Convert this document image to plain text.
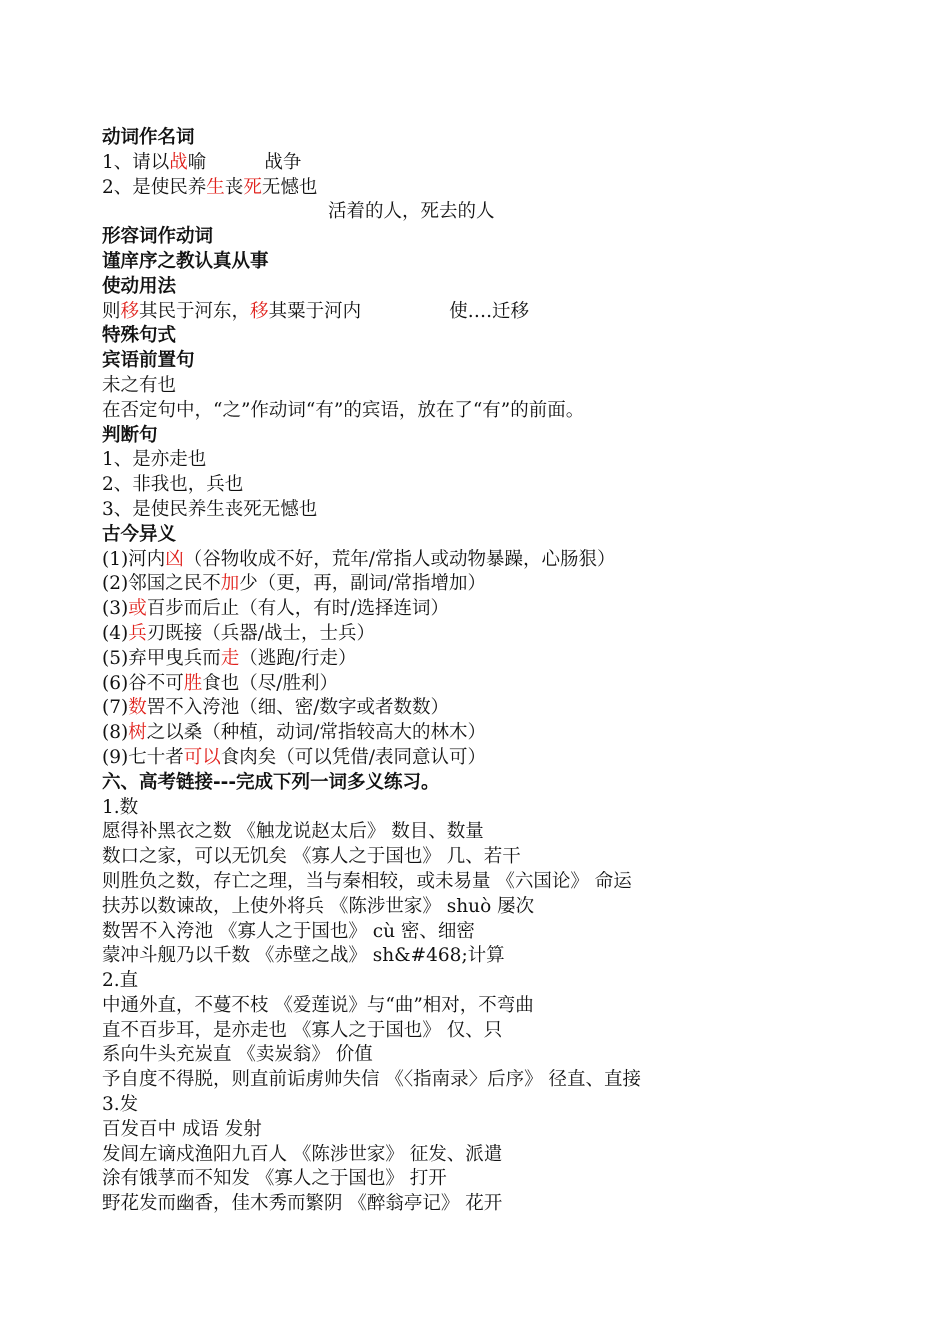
动词作名词
1、请以战喻	战争
2、是使民养生丧死无憾也
活着的人，死去的人
形容词作动词
谨庠序之教认真从事
使动用法
则移其民于河东，移其粟于河内	使….迁移
特殊句式
宾语前置句
未之有也
在否定句中，“之”作动词“有”的宾语，放在了“有”的前面。
判断句
1、是亦走也
2、非我也，兵也
3、是使民养生丧死无憾也
古今异义
(1)河内凶（谷物收成不好，荒年/常指人或动物暴躁，心肠狠）
(2)邻国之民不加少（更，再，副词/常指增加）
(3)或百步而后止（有人，有时/选择连词）
(4)兵刃既接（兵器/战士，士兵）
(5)弃甲曳兵而走（逃跑/行走）
(6)谷不可胜食也（尽/胜利）
(7)数罟不入洿池（细、密/数字或者数数）
(8)树之以桑（种植，动词/常指较高大的林木）
(9)七十者可以食肉矣（可以凭借/表同意认可）
六、高考链接---完成下列一词多义练习。
1.数
愿得补黑衣之数 《触龙说赵太后》 数目、数量
数口之家，可以无饥矣 《寡人之于国也》 几、若干
则胜负之数，存亡之理，当与秦相较，或未易量 《六国论》 命运
扶苏以数谏故，上使外将兵 《陈涉世家》 shuò 屡次
数罟不入洿池 《寡人之于国也》 cù 密、细密
蒙冲斗舰乃以千数 《赤壁之战》 sh&#468;计算
2.直
中通外直，不蔓不枝 《爱莲说》与“曲”相对，不弯曲
直不百步耳，是亦走也 《寡人之于国也》 仅、只
系向牛头充炭直 《卖炭翁》 价值
予自度不得脱，则直前诟虏帅失信 《〈指南录〉后序》 径直、直接
3.发
百发百中 成语 发射
发闾左谪戍渔阳九百人 《陈涉世家》 征发、派遣
涂有饿莩而不知发 《寡人之于国也》 打开
野花发而幽香，佳木秀而繁阴 《醉翁亭记》 花开
